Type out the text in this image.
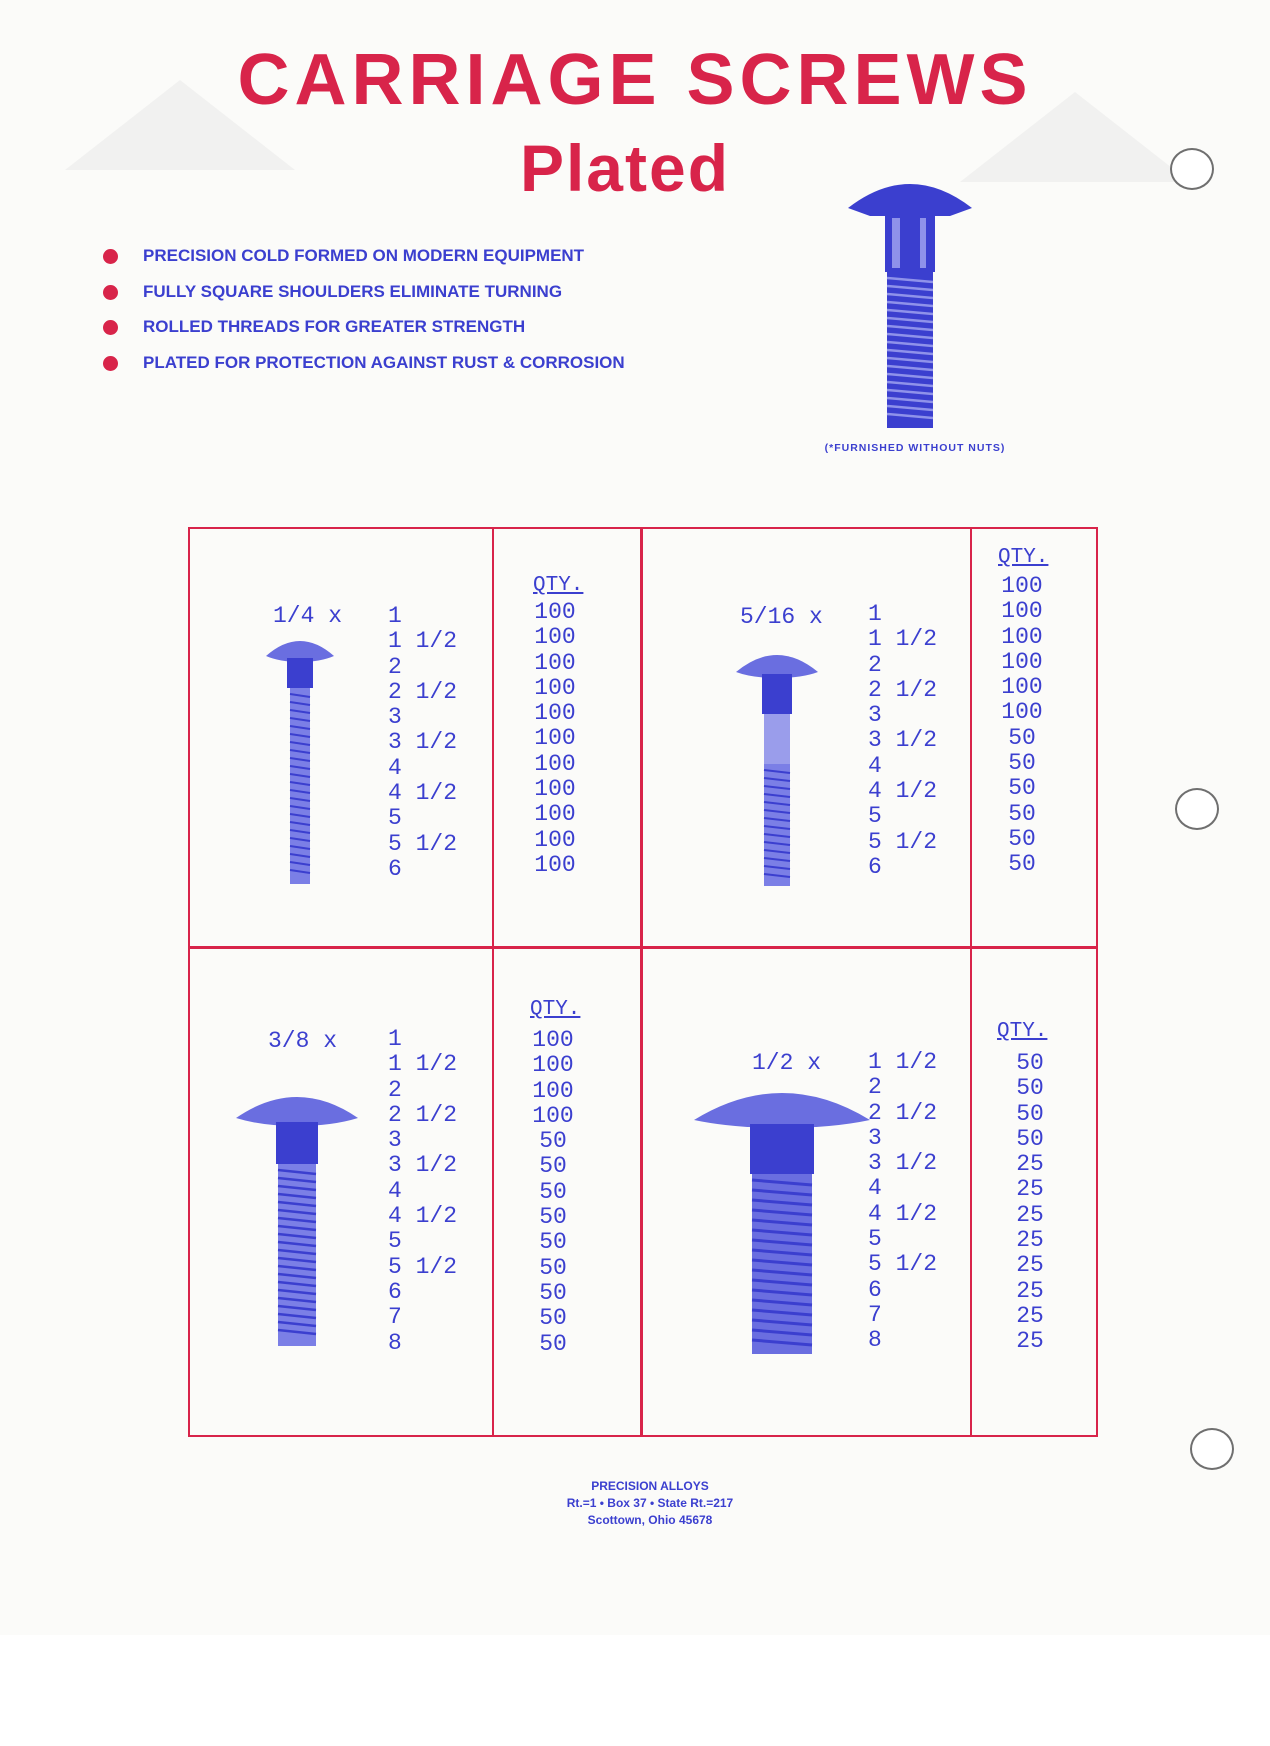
CARRIAGE SCREWS
Plated
PRECISION COLD FORMED ON MODERN EQUIPMENT
FULLY SQUARE SHOULDERS ELIMINATE TURNING
ROLLED THREADS FOR GREATER STRENGTH
PLATED FOR PROTECTION AGAINST RUST & CORROSION
(*FURNISHED WITHOUT NUTS)
1/4 x 1
1 1/2
2
2 1/2
3
3 1/2
4
4 1/2
5
5 1/2
6
QTY.
100
100
100
100
100
100
100
100
100
100
100
5/16 x 1
1 1/2
2
2 1/2
3
3 1/2
4
4 1/2
5
5 1/2
6
QTY.
100
100
100
100
100
100
50
50
50
50
50
50
3/8 x 1
1 1/2
2
2 1/2
3
3 1/2
4
4 1/2
5
5 1/2
6
7
8
QTY.
100
100
100
100
50
50
50
50
50
50
50
50
50
1/2 x 1 1/2
2
2 1/2
3
3 1/2
4
4 1/2
5
5 1/2
6
7
8
QTY.
50
50
50
50
25
25
25
25
25
25
25
25
PRECISION ALLOYS
Rt.=1 • Box 37 • State Rt.=217
Scottown, Ohio 45678
